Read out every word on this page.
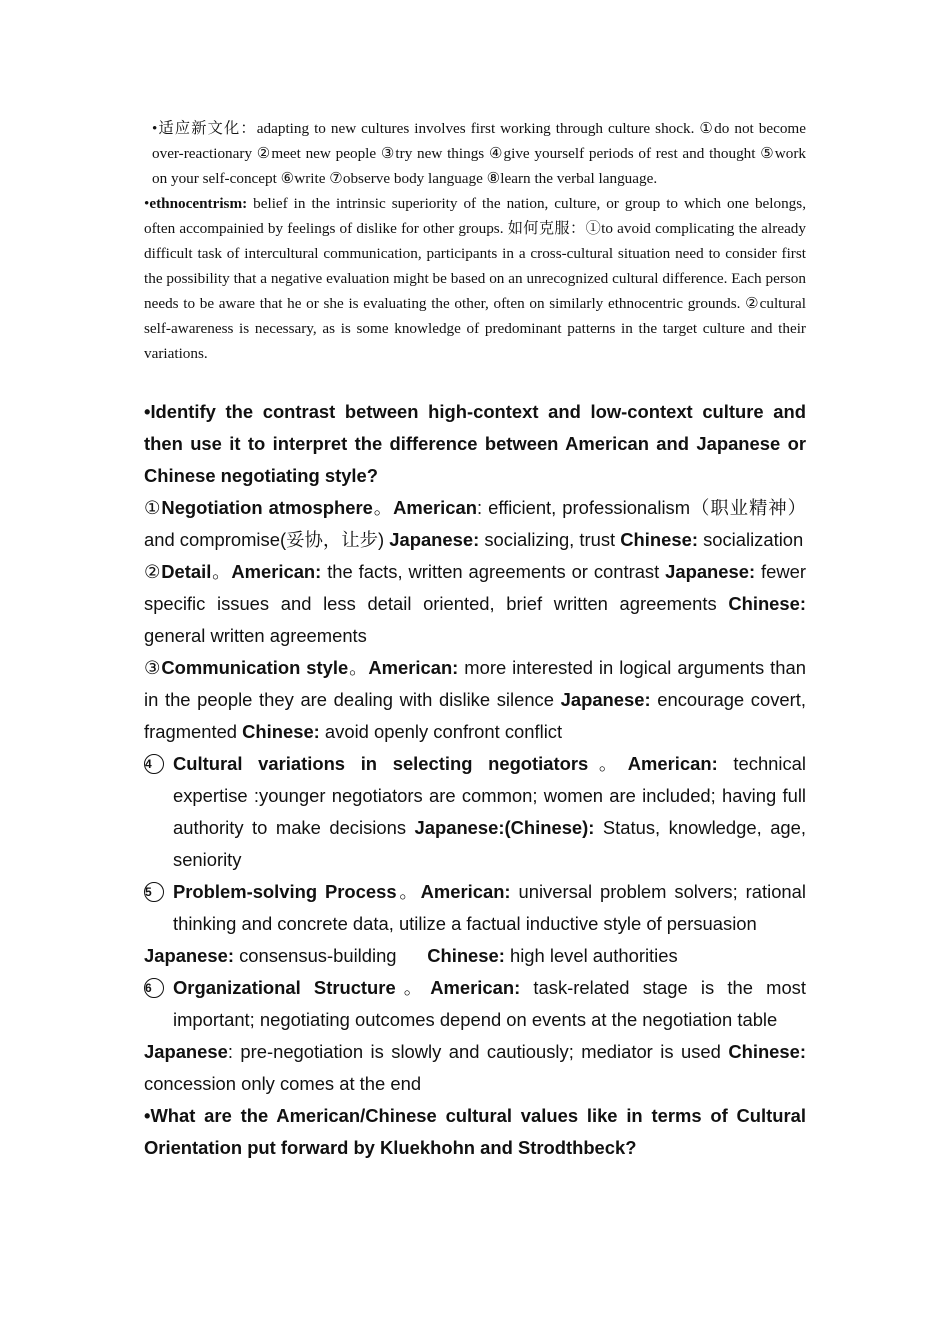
•适应新文化：adapting to new cultures involves first working through culture shock. ①do not become over-reactionary ②meet new people ③try new things ④give yourself periods of rest and thought ⑤work on your self-concept ⑥write ⑦observe body language ⑧learn the verbal language.

•ethnocentrism: belief in the intrinsic superiority of the nation, culture, or group to which one belongs, often accompainied by feelings of dislike for other groups. 如何克服：①to avoid complicating the already difficult task of intercultural communication, participants in a cross-cultural situation need to consider first the possibility that a negative evaluation might be based on an unrecognized cultural difference. Each person needs to be aware that he or she is evaluating the other, often on similarly ethnocentric grounds. ②cultural self-awareness is necessary, as is some knowledge of predominant patterns in the target culture and their variations.

•Identify the contrast between high-context and low-context culture and then use it to interpret the difference between American and Japanese or Chinese negotiating style?

①Negotiation atmosphere。American: efficient, professionalism（职业精神）and compromise(妥协，让步) Japanese: socializing, trust Chinese: socialization

②Detail。American: the facts, written agreements or contrast Japanese: fewer specific issues and less detail oriented, brief written agreements Chinese: general written agreements

③Communication style。American: more interested in logical arguments than in the people they are dealing with dislike silence Japanese: encourage covert, fragmented Chinese: avoid openly confront conflict

4 Cultural variations in selecting negotiators。American: technical expertise :younger negotiators are common; women are included; having full authority to make decisions Japanese:(Chinese): Status, knowledge, age, seniority

5 Problem-solving Process。American: universal problem solvers; rational thinking and concrete data, utilize a factual inductive style of persuasion

Japanese: consensus-building      Chinese: high level authorities

6 Organizational Structure。American: task-related stage is the most important; negotiating outcomes depend on events at the negotiation table

Japanese: pre-negotiation is slowly and cautiously; mediator is used Chinese: concession only comes at the end

•What are the American/Chinese cultural values like in terms of Cultural Orientation put forward by Kluekhohn and Strodthbeck?
